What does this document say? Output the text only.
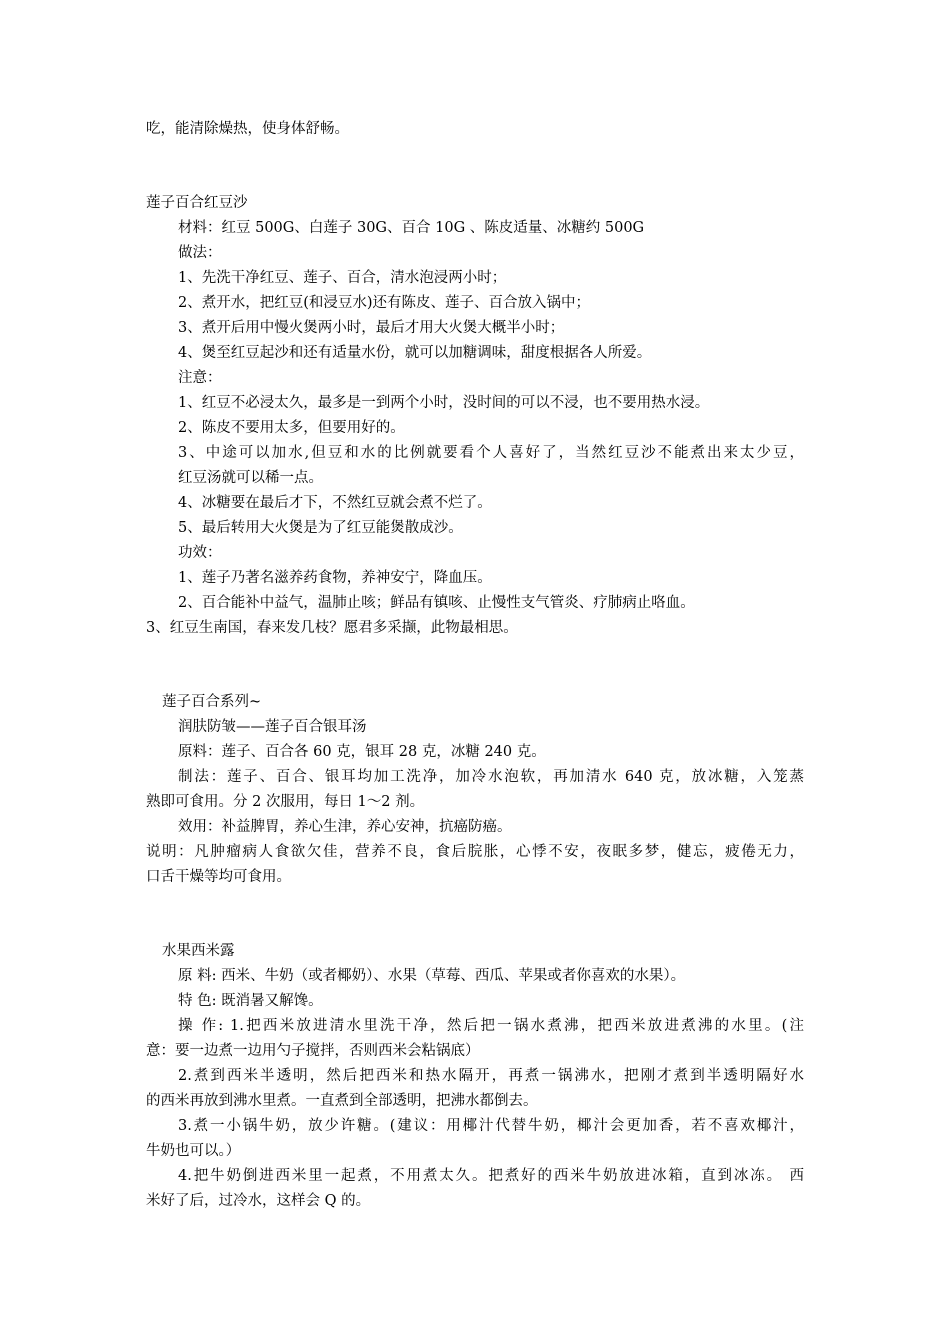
吃，能清除燥热，使身体舒畅。
莲子百合红豆沙
材料：红豆 500G、白莲子 30G、百合 10G 、陈皮适量、冰糖约 500G
做法：
1、先洗干净红豆、莲子、百合，清水泡浸两小时；
2、煮开水，把红豆(和浸豆水)还有陈皮、莲子、百合放入锅中；
3、煮开后用中慢火煲两小时，最后才用大火煲大概半小时；
4、煲至红豆起沙和还有适量水份，就可以加糖调味，甜度根据各人所爱。
注意：
1、红豆不必浸太久，最多是一到两个小时，没时间的可以不浸，也不要用热水浸。
2、陈皮不要用太多，但要用好的。
3、中途可以加水,但豆和水的比例就要看个人喜好了，当然红豆沙不能煮出来太少豆，
红豆汤就可以稀一点。
4、冰糖要在最后才下，不然红豆就会煮不烂了。
5、最后转用大火煲是为了红豆能煲散成沙。
功效：
1、莲子乃著名滋养药食物，养神安宁，降血压。
2、百合能补中益气，温肺止咳；鲜品有镇咳、止慢性支气管炎、疗肺病止咯血。
3、红豆生南国，春来发几枝？愿君多采撷，此物最相思。
莲子百合系列~
润肤防皱——莲子百合银耳汤
原料：莲子、百合各 60 克，银耳 28 克，冰糖 240 克。
制法：莲子、百合、银耳均加工洗净，加冷水泡软，再加清水 640 克，放冰糖，入笼蒸
熟即可食用。分 2 次服用，每日 1～2 剂。
效用：补益脾胃，养心生津，养心安神，抗癌防癌。
说明：凡肿瘤病人食欲欠佳，营养不良，食后脘胀，心悸不安，夜眠多梦，健忘，疲倦无力，
口舌干燥等均可食用。
水果西米露
原 料: 西米、牛奶（或者椰奶）、水果（草莓、西瓜、苹果或者你喜欢的水果）。
特 色: 既消暑又解馋。
操 作: 1.把西米放进清水里洗干净，然后把一锅水煮沸，把西米放进煮沸的水里。(注
意：要一边煮一边用勺子搅拌，否则西米会粘锅底）
2.煮到西米半透明，然后把西米和热水隔开，再煮一锅沸水，把刚才煮到半透明隔好水
的西米再放到沸水里煮。一直煮到全部透明，把沸水都倒去。
3.煮一小锅牛奶，放少许糖。(建议：用椰汁代替牛奶，椰汁会更加香，若不喜欢椰汁，
牛奶也可以。）
4.把牛奶倒进西米里一起煮，不用煮太久。把煮好的西米牛奶放进冰箱，直到冰冻。 西
米好了后，过冷水，这样会 Q 的。
